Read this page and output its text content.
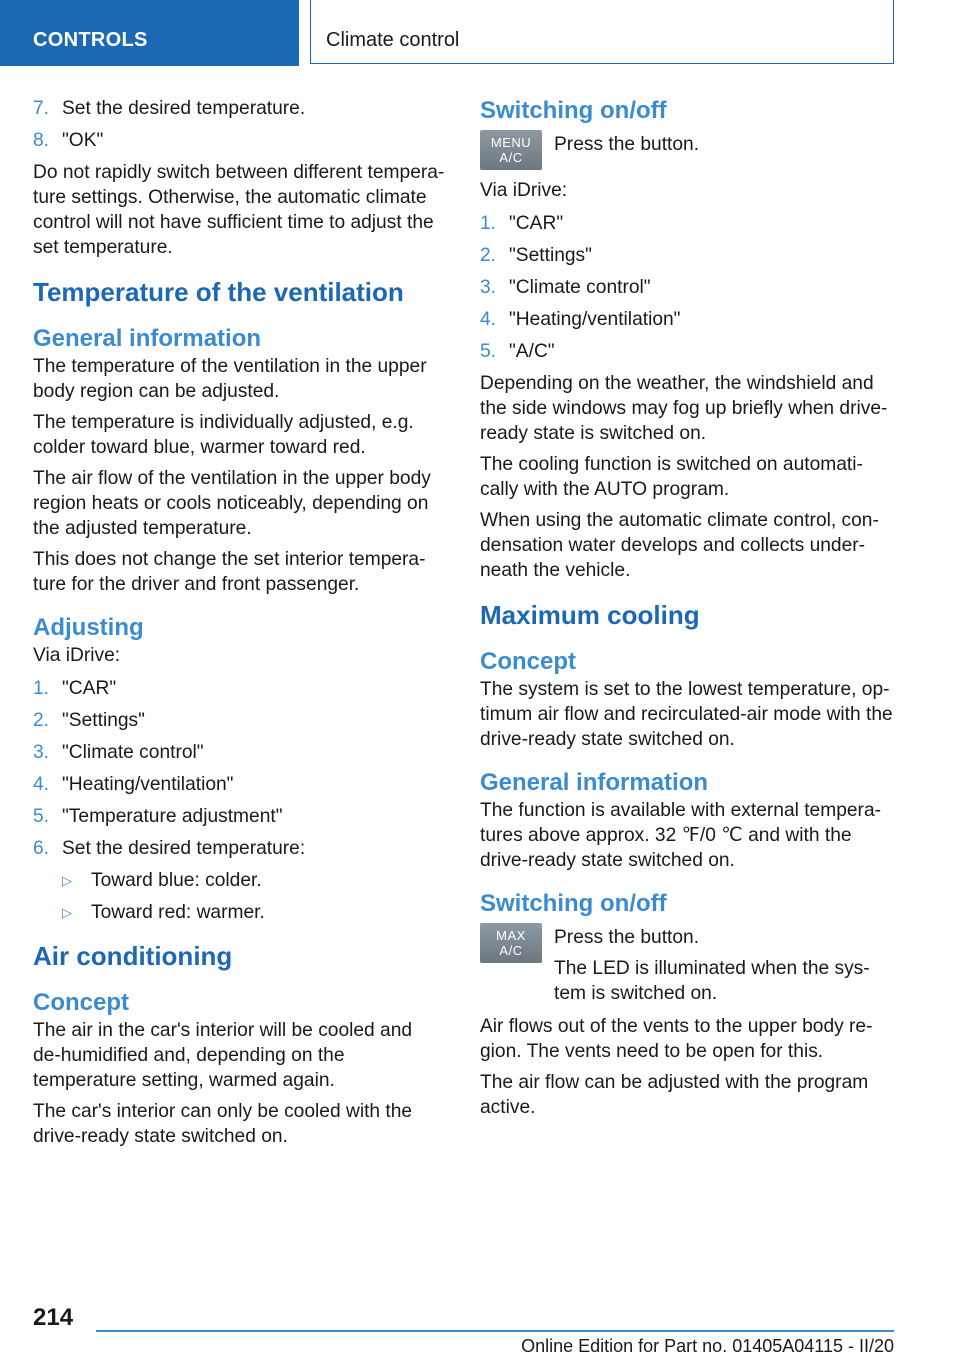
CONTROLS	Climate control
7. Set the desired temperature.
8. "OK"

Do not rapidly switch between different tempera‐ture settings. Otherwise, the automatic climate control will not have sufficient time to adjust the set temperature.

Temperature of the ventilation
General information

The temperature of the ventilation in the upper body region can be adjusted.

The temperature is individually adjusted, e.g. colder toward blue, warmer toward red.

The air flow of the ventilation in the upper body region heats or cools noticeably, depending on the adjusted temperature.

This does not change the set interior tempera‐ture for the driver and front passenger.

Adjusting

Via iDrive:

1. "CAR"
2. "Settings"
3. "Climate control"
4. "Heating/ventilation"
5. "Temperature adjustment"
6. Set the desired temperature:
▷ Toward blue: colder.
▷ Toward red: warmer.
Air conditioning
Concept

The air in the car's interior will be cooled and de‐humidified and, depending on the temperature setting, warmed again.

The car's interior can only be cooled with the drive-ready state switched on.

Switching on/off
MENU
A/C

Press the button.

Via iDrive:

1. "CAR"
2. "Settings"
3. "Climate control"
4. "Heating/ventilation"
5. "A/C"

Depending on the weather, the windshield and the side windows may fog up briefly when drive-ready state is switched on.

The cooling function is switched on automati‐cally with the AUTO program.

When using the automatic climate control, con‐densation water develops and collects under‐neath the vehicle.

Maximum cooling
Concept

The system is set to the lowest temperature, op‐timum air flow and recirculated-air mode with the drive-ready state switched on.

General information

The function is available with external tempera‐tures above approx. 32 ℉/0 ℃ and with the drive-ready state switched on.

Switching on/off
MAX
A/C

Press the button.

The LED is illuminated when the sys‐tem is switched on.

Air flows out of the vents to the upper body re‐gion. The vents need to be open for this.

The air flow can be adjusted with the program active.

214
Online Edition for Part no. 01405A04115 - II/20
